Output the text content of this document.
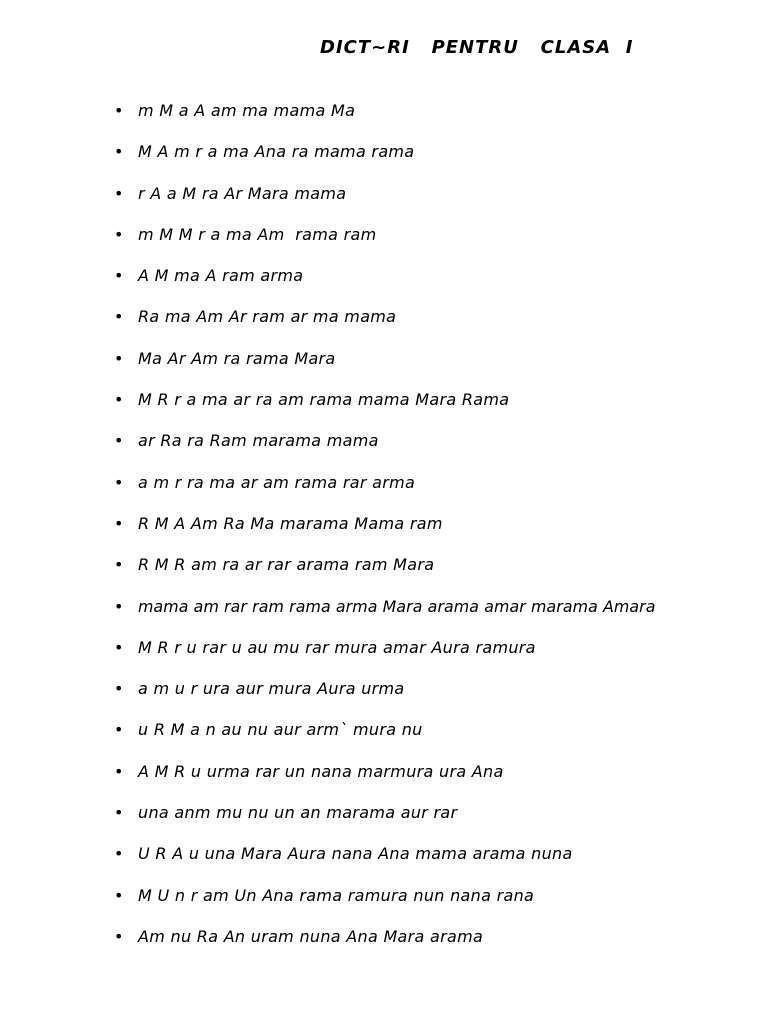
DICT~RI   PENTRU   CLASA  I
• m M a A am ma mama Ma
• M A m r a ma Ana ra mama rama
• r A a M ra Ar Mara mama
• m M M r a ma Am  rama ram
• A M ma A ram arma
• Ra ma Am Ar ram ar ma mama
• Ma Ar Am ra rama Mara
• M R r a ma ar ra am rama mama Mara Rama
• ar Ra ra Ram marama mama
• a m r ra ma ar am rama rar arma
• R M A Am Ra Ma marama Mama ram
• R M R am ra ar rar arama ram Mara
• mama am rar ram rama arma Mara arama amar marama Amara
• M R r u rar u au mu rar mura amar Aura ramura
• a m u r ura aur mura Aura urma
• u R M a n au nu aur arm` mura nu
• A M R u urma rar un nana marmura ura Ana
• una anm mu nu un an marama aur rar
• U R A u una Mara Aura nana Ana mama arama nuna
• M U n r am Un Ana rama ramura nun nana rana
• Am nu Ra An uram nuna Ana Mara arama
